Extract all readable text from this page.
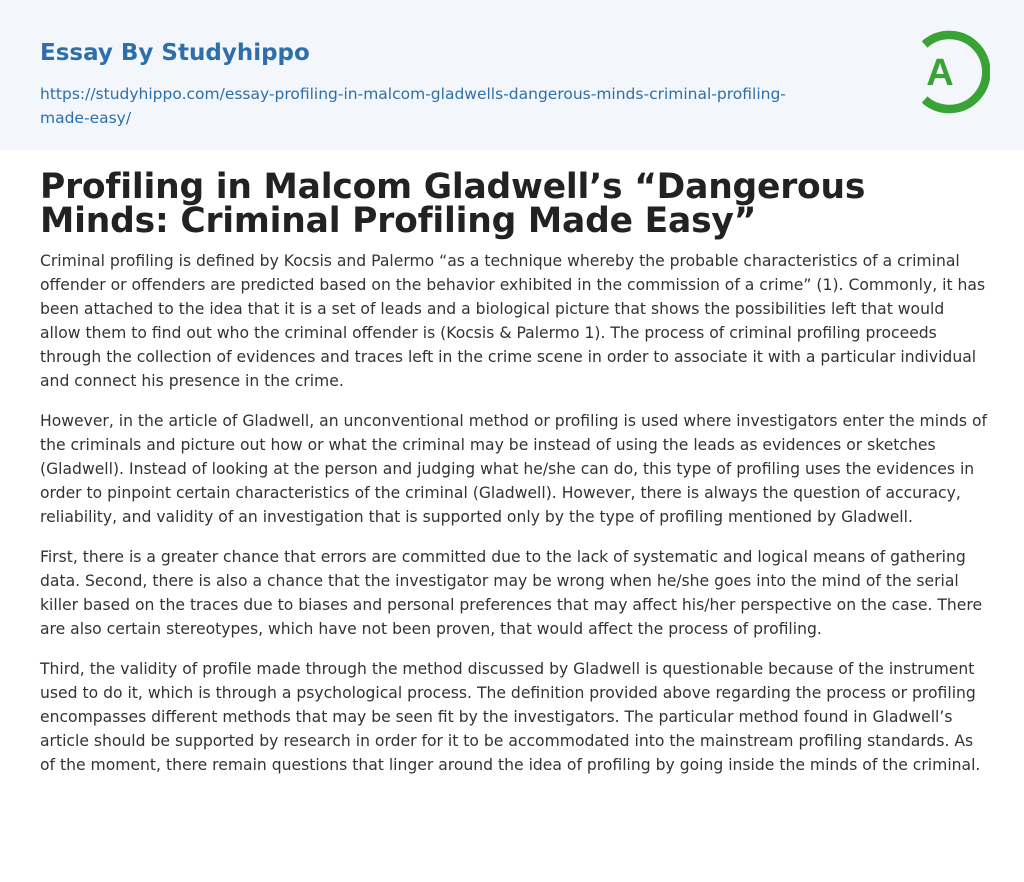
Essay By Studyhippo
https://studyhippo.com/essay-profiling-in-malcom-gladwells-dangerous-minds-criminal-profiling-made-easy/
A
Profiling in Malcom Gladwell’s “Dangerous Minds: Criminal Profiling Made Easy”

Criminal profiling is defined by Kocsis and Palermo “as a technique whereby the probable characteristics of a criminal offender or offenders are predicted based on the behavior exhibited in the commission of a crime” (1). Commonly, it has been attached to the idea that it is a set of leads and a biological picture that shows the possibilities left that would allow them to find out who the criminal offender is (Kocsis & Palermo 1). The process of criminal profiling proceeds through the collection of evidences and traces left in the crime scene in order to associate it with a particular individual and connect his presence in the crime.

However, in the article of Gladwell, an unconventional method or profiling is used where investigators enter the minds of the criminals and picture out how or what the criminal may be instead of using the leads as evidences or sketches (Gladwell). Instead of looking at the person and judging what he/she can do, this type of profiling uses the evidences in order to pinpoint certain characteristics of the criminal (Gladwell). However, there is always the question of accuracy, reliability, and validity of an investigation that is supported only by the type of profiling mentioned by Gladwell.

First, there is a greater chance that errors are committed due to the lack of systematic and logical means of gathering data. Second, there is also a chance that the investigator may be wrong when he/she goes into the mind of the serial killer based on the traces due to biases and personal preferences that may affect his/her perspective on the case. There are also certain stereotypes, which have not been proven, that would affect the process of profiling.

Third, the validity of profile made through the method discussed by Gladwell is questionable because of the instrument used to do it, which is through a psychological process. The definition provided above regarding the process or profiling encompasses different methods that may be seen fit by the investigators. The particular method found in Gladwell’s article should be supported by research in order for it to be accommodated into the mainstream profiling standards. As of the moment, there remain questions that linger around the idea of profiling by going inside the minds of the criminal.
